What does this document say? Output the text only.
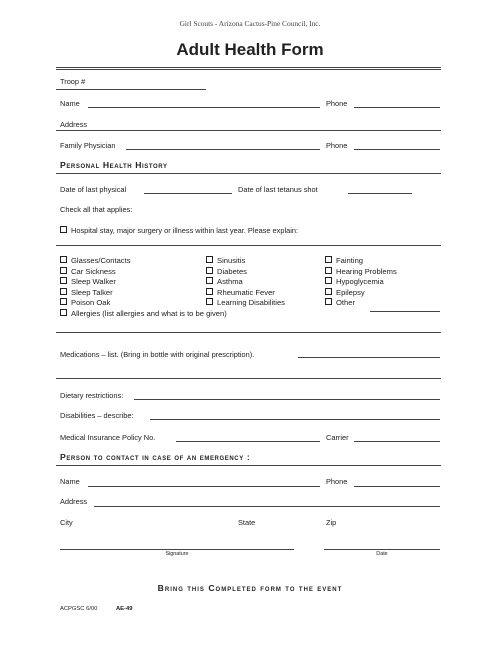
Girl Scouts - Arizona Cactus-Pine Council, Inc.
Adult Health Form
Troop #
Name	Phone
Address
Family Physician	Phone
Personal Health History
Date of last physical	Date of last tetanus shot
Check all that applies:
Hospital stay, major surgery or illness within last year. Please explain:
Glasses/Contacts
Car Sickness
Sleep Walker
Sleep Talker
Poison Oak
Allergies (list allergies and what is to be given)
Sinusitis
Diabetes
Asthma
Rheumatic Fever
Learning Disabilities
Fainting
Hearing Problems
Hypoglycemia
Epilepsy
Other
Medications – list. (Bring in bottle with original prescription).
Dietary restrictions:
Disabilities – describe:
Medical Insurance Policy No.	Carrier
Person to contact in case of an emergency :
Name	Phone
Address
City	State	Zip
Signature	Date
Bring this Completed form to the event
ACPGSC 6/00	AE-49
